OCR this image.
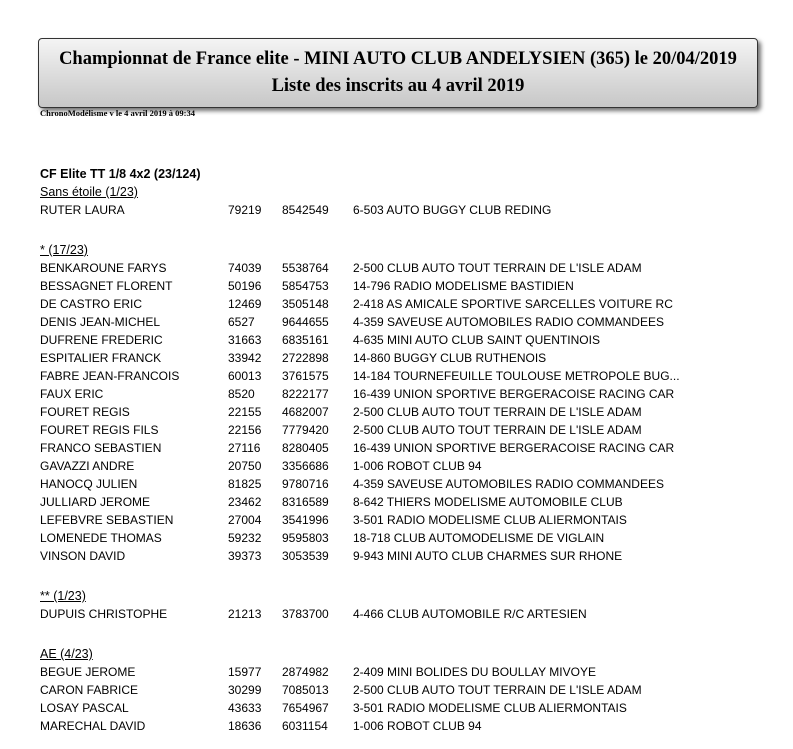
Championnat de France elite - MINI AUTO CLUB ANDELYSIEN (365) le 20/04/2019
Liste des inscrits au 4 avril 2019
ChronoModélisme v le 4 avril 2019 à 09:34
CF Elite TT 1/8 4x2 (23/124)
Sans étoile (1/23)
RUTER LAURA	79219 8542549 6-503 AUTO BUGGY CLUB REDING
* (17/23)
BENKAROUNE FARYS	74039 5538764 2-500 CLUB AUTO TOUT TERRAIN DE L'ISLE ADAM
BESSAGNET FLORENT	50196 5854753 14-796 RADIO MODELISME BASTIDIEN
DE CASTRO ERIC	12469 3505148 2-418 AS AMICALE SPORTIVE SARCELLES VOITURE RC
DENIS JEAN-MICHEL	6527 9644655 4-359 SAVEUSE AUTOMOBILES RADIO COMMANDEES
DUFRENE FREDERIC	31663 6835161 4-635 MINI AUTO CLUB SAINT QUENTINOIS
ESPITALIER FRANCK	33942 2722898 14-860 BUGGY CLUB RUTHENOIS
FABRE JEAN-FRANCOIS	60013 3761575 14-184 TOURNEFEUILLE TOULOUSE METROPOLE BUG...
FAUX ERIC	8520 8222177 16-439 UNION SPORTIVE BERGERACOISE RACING CAR
FOURET REGIS	22155 4682007 2-500 CLUB AUTO TOUT TERRAIN DE L'ISLE ADAM
FOURET REGIS FILS	22156 7779420 2-500 CLUB AUTO TOUT TERRAIN DE L'ISLE ADAM
FRANCO SEBASTIEN	27116 8280405 16-439 UNION SPORTIVE BERGERACOISE RACING CAR
GAVAZZI ANDRE	20750 3356686 1-006 ROBOT CLUB 94
HANOCQ JULIEN	81825 9780716 4-359 SAVEUSE AUTOMOBILES RADIO COMMANDEES
JULLIARD JEROME	23462 8316589 8-642 THIERS MODELISME AUTOMOBILE CLUB
LEFEBVRE SEBASTIEN	27004 3541996 3-501 RADIO MODELISME CLUB ALIERMONTAIS
LOMENEDE THOMAS	59232 9595803 18-718 CLUB AUTOMODELISME DE VIGLAIN
VINSON DAVID	39373 3053539 9-943 MINI AUTO CLUB CHARMES SUR RHONE
** (1/23)
DUPUIS CHRISTOPHE	21213 3783700 4-466 CLUB AUTOMOBILE R/C ARTESIEN
AE (4/23)
BEGUE JEROME	15977 2874982 2-409 MINI BOLIDES DU BOULLAY MIVOYE
CARON FABRICE	30299 7085013 2-500 CLUB AUTO TOUT TERRAIN DE L'ISLE ADAM
LOSAY PASCAL	43633 7654967 3-501 RADIO MODELISME CLUB ALIERMONTAIS
MARECHAL DAVID	18636 6031154 1-006 ROBOT CLUB 94
